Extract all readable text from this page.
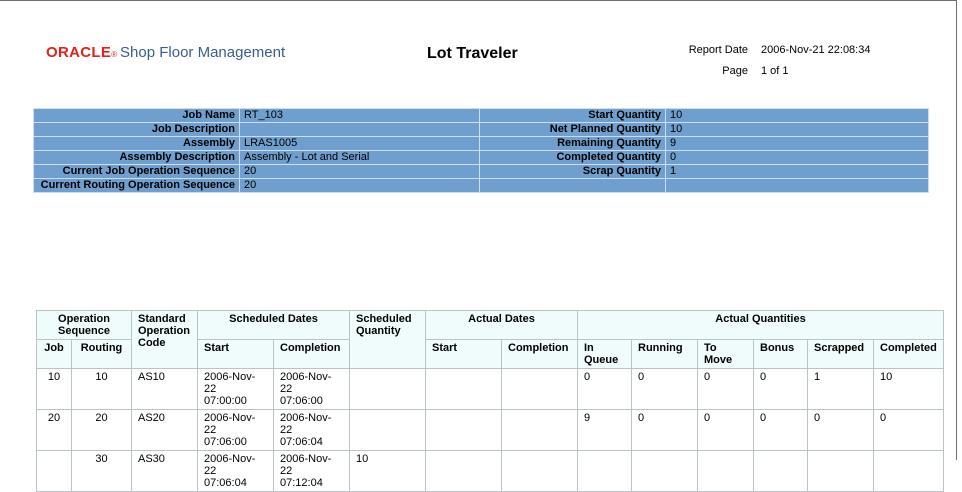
ORACLE ® Shop Floor Management	Lot Traveler	Report Date 2006-Nov-21 22:08:34
Page 1 of 1
Job Name	RT_103	Start Quantity	10
Job Description		Net Planned Quantity	10
Assembly	LRAS1005	Remaining Quantity	9
Assembly Description	Assembly - Lot and Serial	Completed Quantity	0
Current Job Operation Sequence	20	Scrap Quantity	1
Current Routing Operation Sequence	20		
Operation Sequence		Standard Operation Code	Scheduled Dates		Scheduled Quantity	Actual Dates		Actual Quantities					
Job	Routing		Start	Completion		Start	Completion	In Queue	Running	To Move	Bonus	Scrapped	Completed
10	10	AS10	2006-Nov-22
07:00:00	2006-Nov-22
07:06:00				0	0	0	0	1	10
20	20	AS20	2006-Nov-22
07:06:00	2006-Nov-22
07:06:04				9	0	0	0	0	0
	30	AS30	2006-Nov-22
07:06:04	2006-Nov-22
07:12:04	10								
